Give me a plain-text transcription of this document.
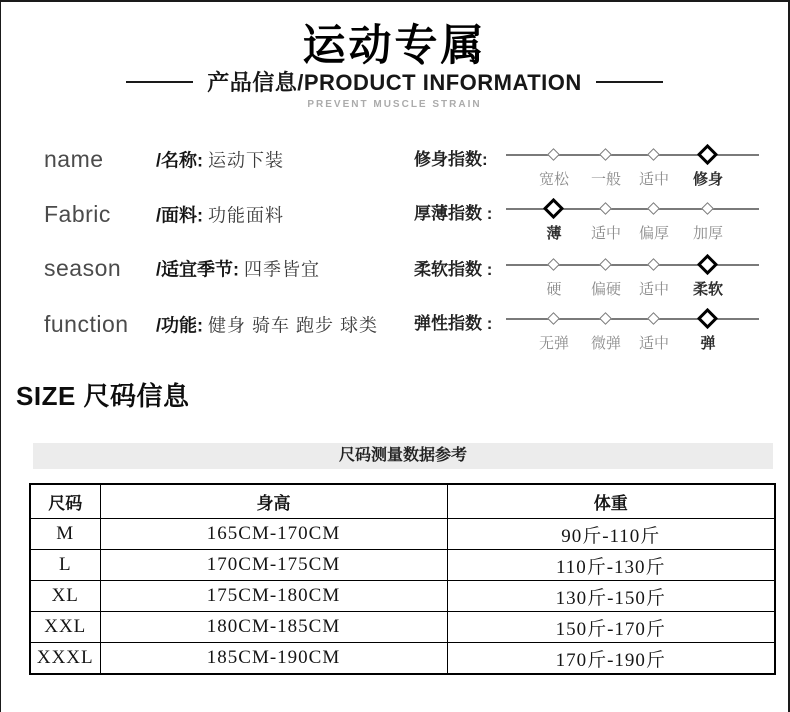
运动专属
产品信息/PRODUCT INFORMATION
PREVENT MUSCLE STRAIN
name	/名称: 运动下装
Fabric	/面料: 功能面料
season /适宜季节: 四季皆宜
function /功能: 健身 骑车 跑步 球类
修身指数:
宽松	一般	适中	修身
厚薄指数 :
薄	适中	偏厚	加厚
柔软指数 :
硬	偏硬	适中	柔软
弹性指数 :
无弹	微弹	适中	弹
SIZE 尺码信息
尺码测量数据参考
尺码	身高	体重
M	165CM-170CM	90斤-110斤
L	170CM-175CM	110斤-130斤
XL	175CM-180CM	130斤-150斤
XXL	180CM-185CM	150斤-170斤
XXXL	185CM-190CM	170斤-190斤
